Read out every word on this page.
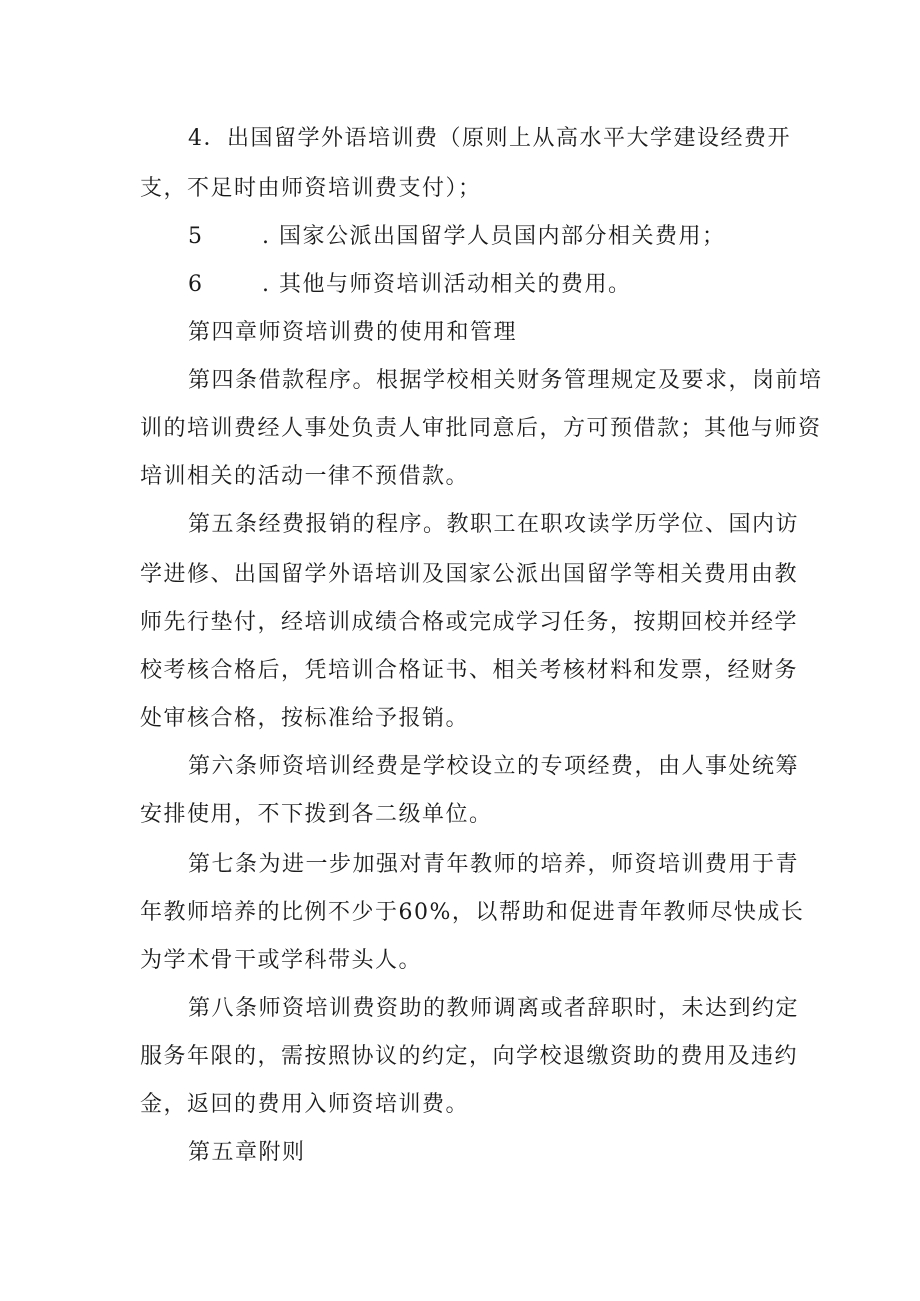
4．出国留学外语培训费（原则上从高水平大学建设经费开
支，不足时由师资培训费支付）；
5	. 国家公派出国留学人员国内部分相关费用；
6	. 其他与师资培训活动相关的费用。
第四章师资培训费的使用和管理
第四条借款程序。根据学校相关财务管理规定及要求，岗前培
训的培训费经人事处负责人审批同意后，方可预借款；其他与师资
培训相关的活动一律不预借款。
第五条经费报销的程序。教职工在职攻读学历学位、国内访
学进修、出国留学外语培训及国家公派出国留学等相关费用由教
师先行垫付，经培训成绩合格或完成学习任务，按期回校并经学
校考核合格后，凭培训合格证书、相关考核材料和发票，经财务
处审核合格，按标准给予报销。
第六条师资培训经费是学校设立的专项经费，由人事处统筹
安排使用，不下拨到各二级单位。
第七条为进一步加强对青年教师的培养，师资培训费用于青
年教师培养的比例不少于60%，以帮助和促进青年教师尽快成长
为学术骨干或学科带头人。
第八条师资培训费资助的教师调离或者辞职时，未达到约定
服务年限的，需按照协议的约定，向学校退缴资助的费用及违约
金，返回的费用入师资培训费。
第五章附则
